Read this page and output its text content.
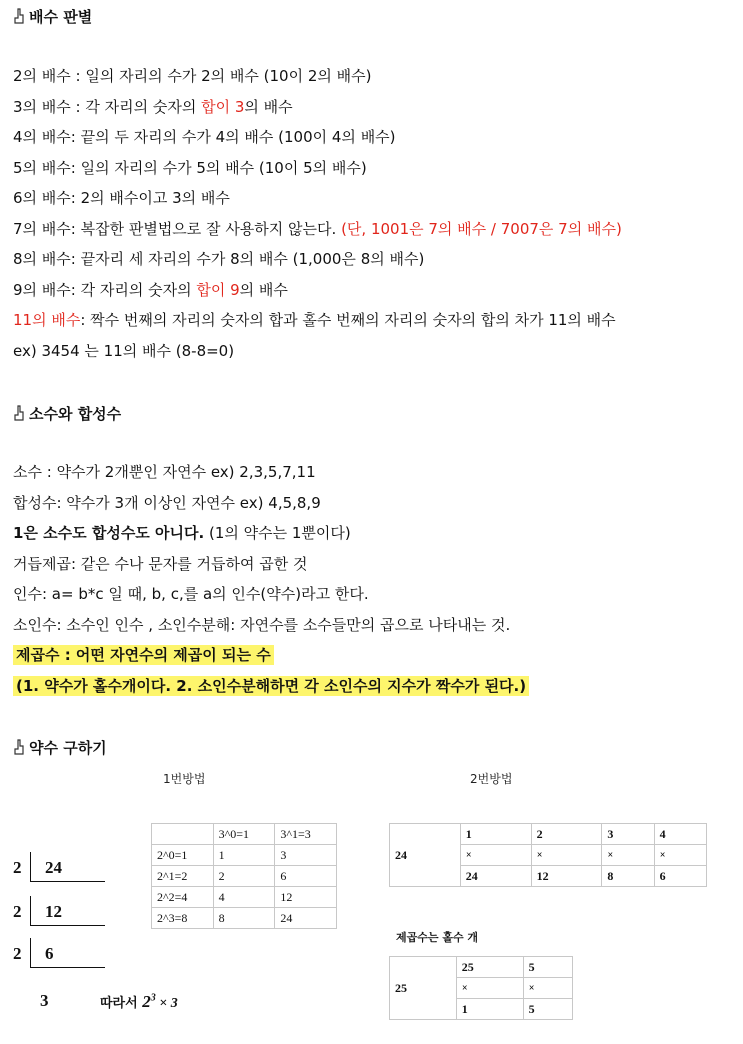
배수 판별
2의 배수 : 일의 자리의 수가 2의 배수 (10이 2의 배수)
3의 배수 : 각 자리의 숫자의 합이 3의 배수
4의 배수: 끝의 두 자리의 수가 4의 배수 (100이 4의 배수)
5의 배수: 일의 자리의 수가 5의 배수 (10이 5의 배수)
6의 배수: 2의 배수이고 3의 배수
7의 배수: 복잡한 판별법으로 잘 사용하지 않는다. (단, 1001은 7의 배수 / 7007은 7의 배수)
8의 배수: 끝자리 세 자리의 수가 8의 배수 (1,000은 8의 배수)
9의 배수: 각 자리의 숫자의 합이 9의 배수
11의 배수: 짝수 번째의 자리의 숫자의 합과 홀수 번째의 자리의 숫자의 합의 차가 11의 배수
ex) 3454 는 11의 배수 (8-8=0)
소수와 합성수
소수 : 약수가 2개뿐인 자연수 ex) 2,3,5,7,11
합성수: 약수가 3개 이상인 자연수 ex) 4,5,8,9
1은 소수도 합성수도 아니다. (1의 약수는 1뿐이다)
거듭제곱: 같은 수나 문자를 거듭하여 곱한 것
인수: a= b*c 일 때, b, c,를 a의 인수(약수)라고 한다.
소인수: 소수인 인수 , 소인수분해: 자연수를 소수들만의 곱으로 나타내는 것.
제곱수 : 어떤 자연수의 제곱이 되는 수
(1. 약수가 홀수개이다. 2. 소인수분해하면 각 소인수의 지수가 짝수가 된다.)
약수 구하기
1번방법	2번방법
2 24
2 12
2 6
3	따라서 $2^3 \times 3$
	3^0=1	3^1=3
2^0=1	1	3
2^1=2	2	6
2^2=4	4	12
2^3=8	8	24
24	1	2	3	4
	×	×	×	×
	24	12	8	6
제곱수는 홀수 개
25	25	5
	×	×
	1	5
